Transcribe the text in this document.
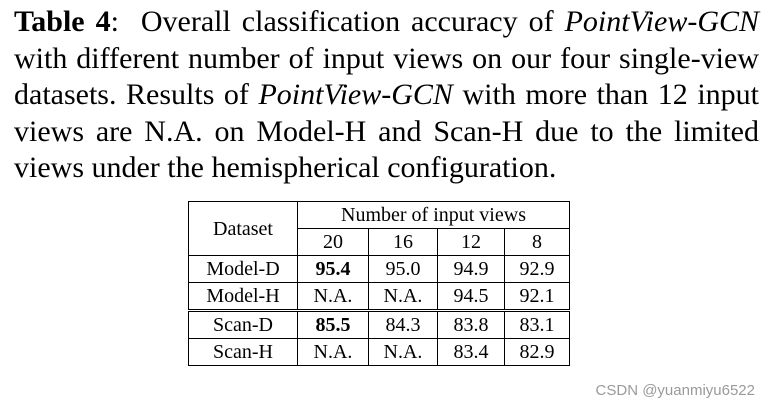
Table 4:  Overall classification accuracy of PointView-GCN with different number of input views on our four single-view datasets. Results of PointView-GCN with more than 12 input views are N.A. on Model-H and Scan-H due to the limited views under the hemispherical configuration.
Dataset	Number of input views			
	20	16	12	8
Model-D	95.4	95.0	94.9	92.9
Model-H	N.A.	N.A.	94.5	92.1
Scan-D	85.5	84.3	83.8	83.1
Scan-H	N.A.	N.A.	83.4	82.9
CSDN @yuanmiyu6522
